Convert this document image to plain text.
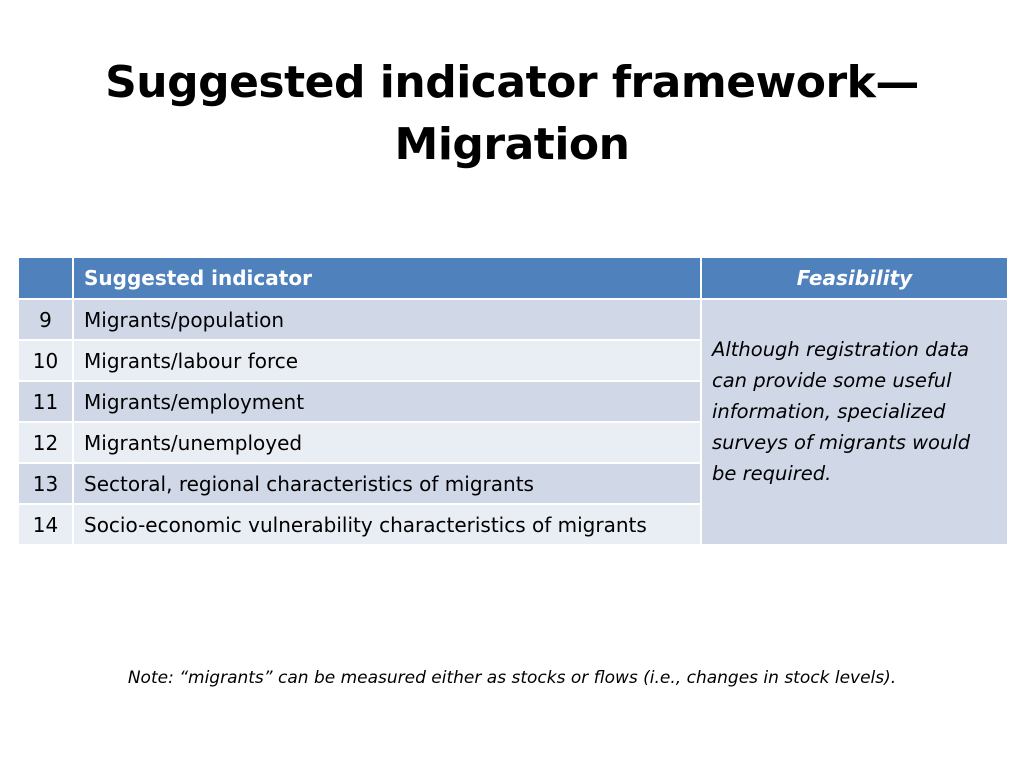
Suggested indicator framework—
Migration
	Suggested indicator	Feasibility
9	Migrants/population	Although registration data can provide some useful information, specialized surveys of migrants would be required.
10	Migrants/labour force	
11	Migrants/employment	
12	Migrants/unemployed	
13	Sectoral, regional characteristics of migrants	
14	Socio-economic vulnerability characteristics of migrants	

Note: “migrants” can be measured either as stocks or flows (i.e., changes in stock levels).
